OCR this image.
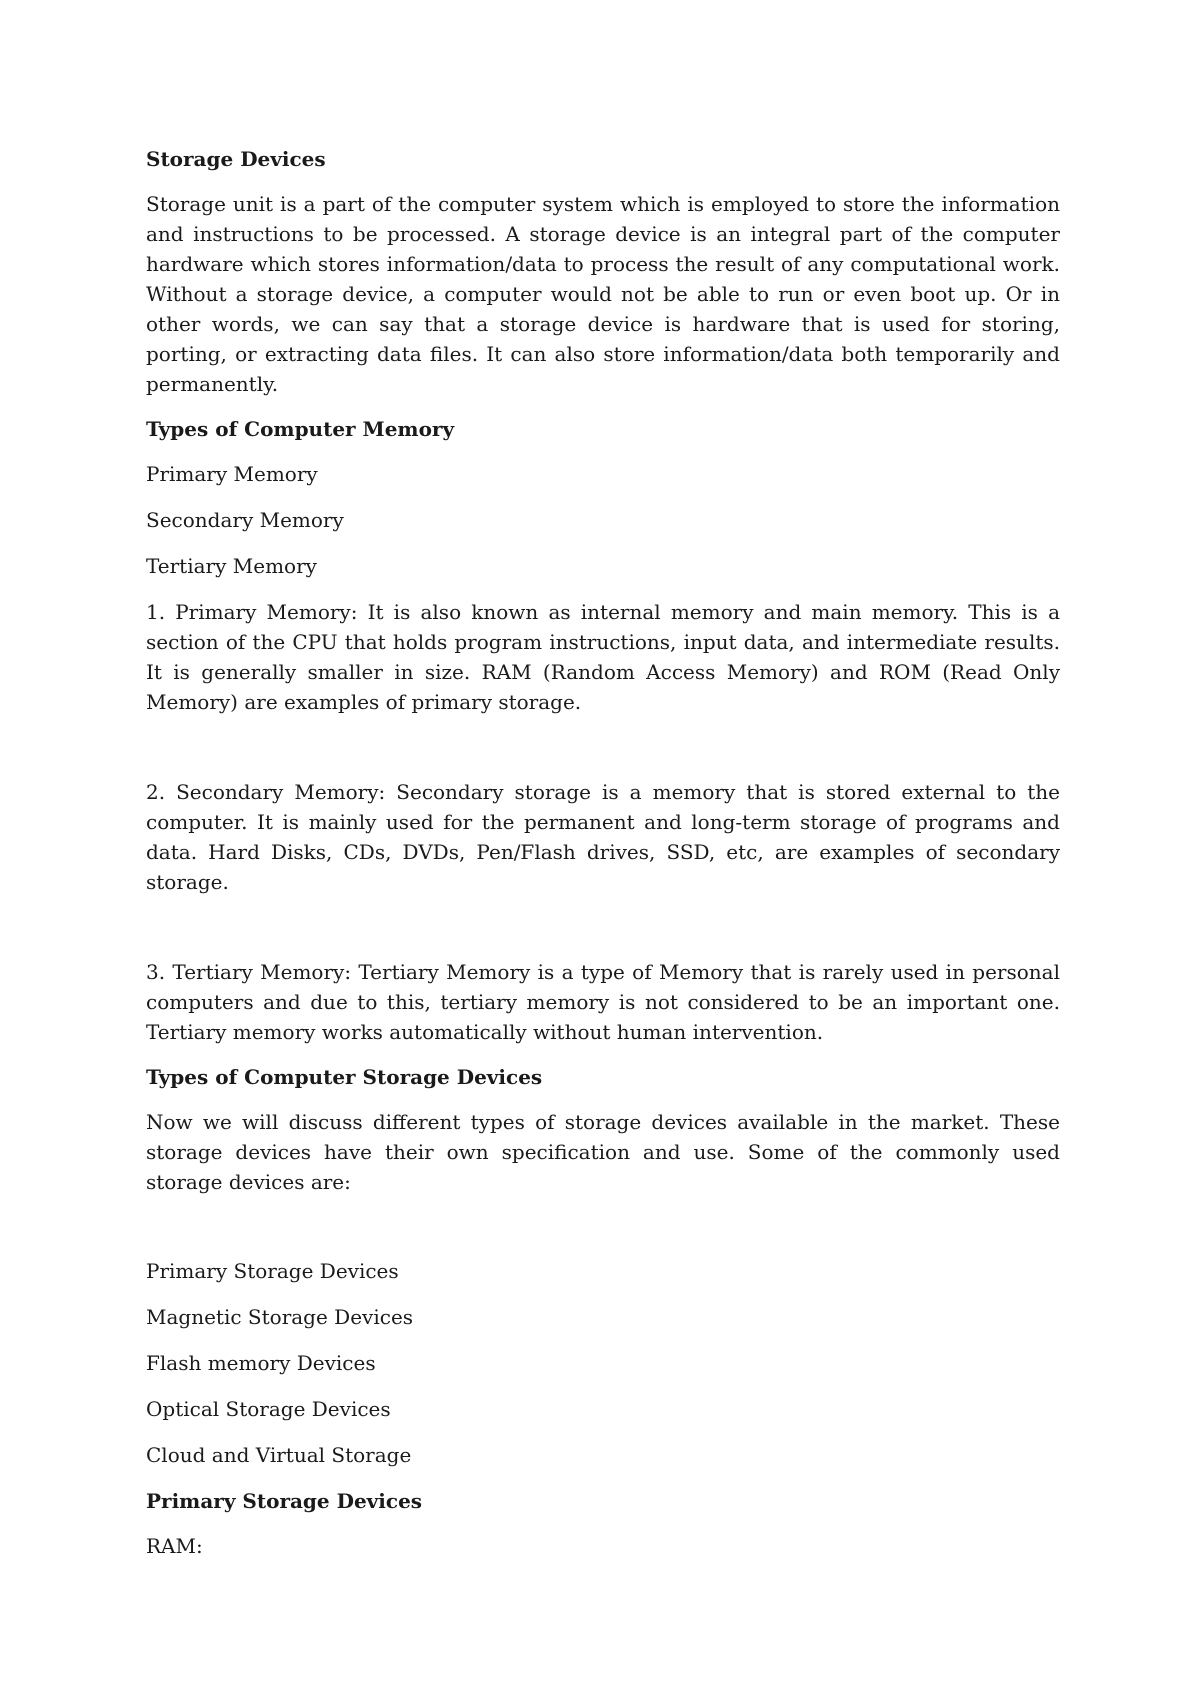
Storage Devices

Storage unit is a part of the computer system which is employed to store the information and instructions to be processed. A storage device is an integral part of the computer hardware which stores information/data to process the result of any computational work. Without a storage device, a computer would not be able to run or even boot up. Or in other words, we can say that a storage device is hardware that is used for storing, porting, or extracting data files. It can also store information/data both temporarily and permanently.

Types of Computer Memory

Primary Memory

Secondary Memory

Tertiary Memory

1. Primary Memory: It is also known as internal memory and main memory. This is a section of the CPU that holds program instructions, input data, and intermediate results. It is generally smaller in size. RAM (Random Access Memory) and ROM (Read Only Memory) are examples of primary storage.

2. Secondary Memory: Secondary storage is a memory that is stored external to the computer. It is mainly used for the permanent and long-term storage of programs and data. Hard Disks, CDs, DVDs, Pen/Flash drives, SSD, etc, are examples of secondary storage.

3. Tertiary Memory: Tertiary Memory is a type of Memory that is rarely used in personal computers and due to this, tertiary memory is not considered to be an important one. Tertiary memory works automatically without human intervention.

Types of Computer Storage Devices

Now we will discuss different types of storage devices available in the market. These storage devices have their own specification and use. Some of the commonly used storage devices are:

Primary Storage Devices

Magnetic Storage Devices

Flash memory Devices

Optical Storage Devices

Cloud and Virtual Storage

Primary Storage Devices

RAM:
